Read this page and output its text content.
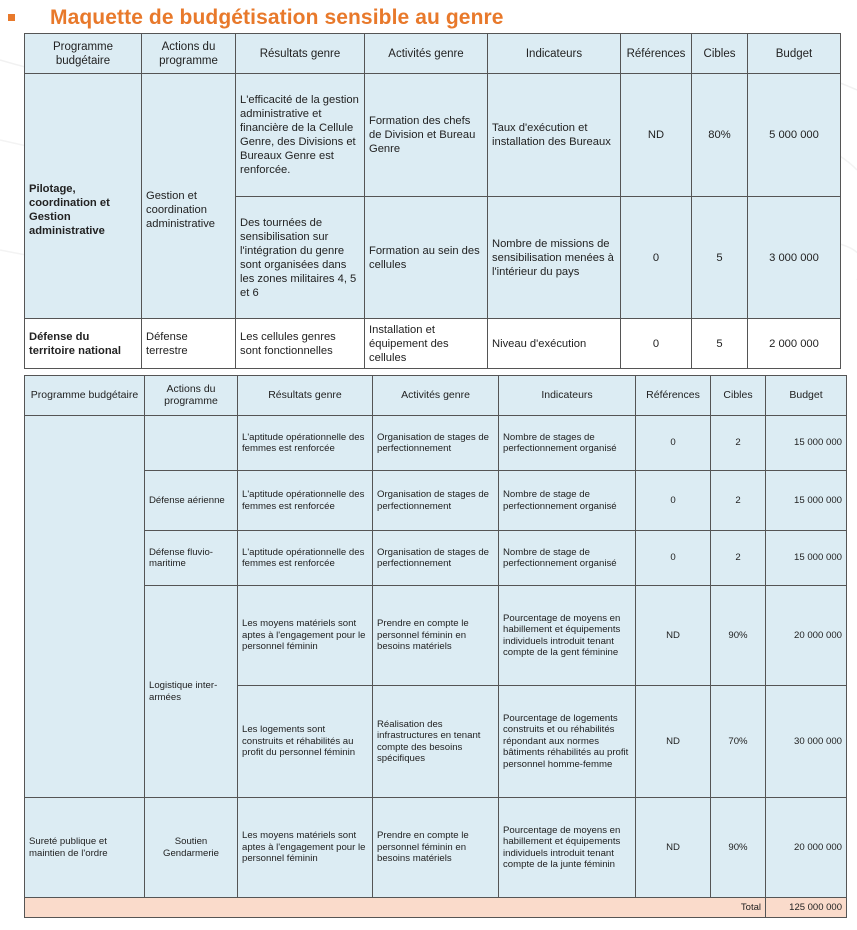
Maquette de budgétisation sensible au genre
Programme budgétaire	Actions du programme	Résultats genre	Activités genre	Indicateurs	Références	Cibles	Budget
Pilotage, coordination et Gestion administrative	Gestion et coordination administrative	L'efficacité de la gestion administrative et financière de la Cellule Genre, des Divisions et Bureaux Genre est renforcée.	Formation des chefs de Division et Bureau Genre	Taux d'exécution et installation des Bureaux	ND	80%	5 000 000
		Des tournées de sensibilisation sur l'intégration du genre sont organisées dans les zones militaires 4, 5 et 6	Formation au sein des cellules	Nombre de missions de sensibilisation menées à l'intérieur du pays	0	5	3 000 000
Défense du territoire national	Défense terrestre	Les cellules genres sont fonctionnelles	Installation et équipement des cellules	Niveau d'exécution	0	5	2 000 000
Programme budgétaire	Actions du programme	Résultats genre	Activités genre	Indicateurs	Références	Cibles	Budget
		L'aptitude opérationnelle des femmes est renforcée	Organisation de stages de perfectionnement	Nombre de stages de perfectionnement organisé	0	2	15 000 000
	Défense aérienne	L'aptitude opérationnelle des femmes est renforcée	Organisation de stages de perfectionnement	Nombre de stage de perfectionnement organisé	0	2	15 000 000
	Défense fluvio-maritime	L'aptitude opérationnelle des femmes est renforcée	Organisation de stages de perfectionnement	Nombre de stage de perfectionnement organisé	0	2	15 000 000
	Logistique inter-armées	Les moyens matériels sont aptes à l'engagement pour le personnel féminin	Prendre en compte le personnel féminin en besoins matériels	Pourcentage de moyens en habillement et équipements individuels introduit tenant compte de la gent féminine	ND	90%	20 000 000
		Les logements sont construits et réhabilités au profit du personnel féminin	Réalisation des infrastructures en tenant compte des besoins spécifiques	Pourcentage de logements construits et ou réhabilités répondant aux normes bâtiments réhabilités au profit personnel homme-femme	ND	70%	30 000 000
Sureté publique et maintien de l'ordre	Soutien Gendarmerie	Les moyens matériels sont aptes à l'engagement pour le personnel féminin	Prendre en compte le personnel féminin en besoins matériels	Pourcentage de moyens en habillement et équipements individuels introduit tenant compte de la junte féminin	ND	90%	20 000 000
Total							125 000 000
